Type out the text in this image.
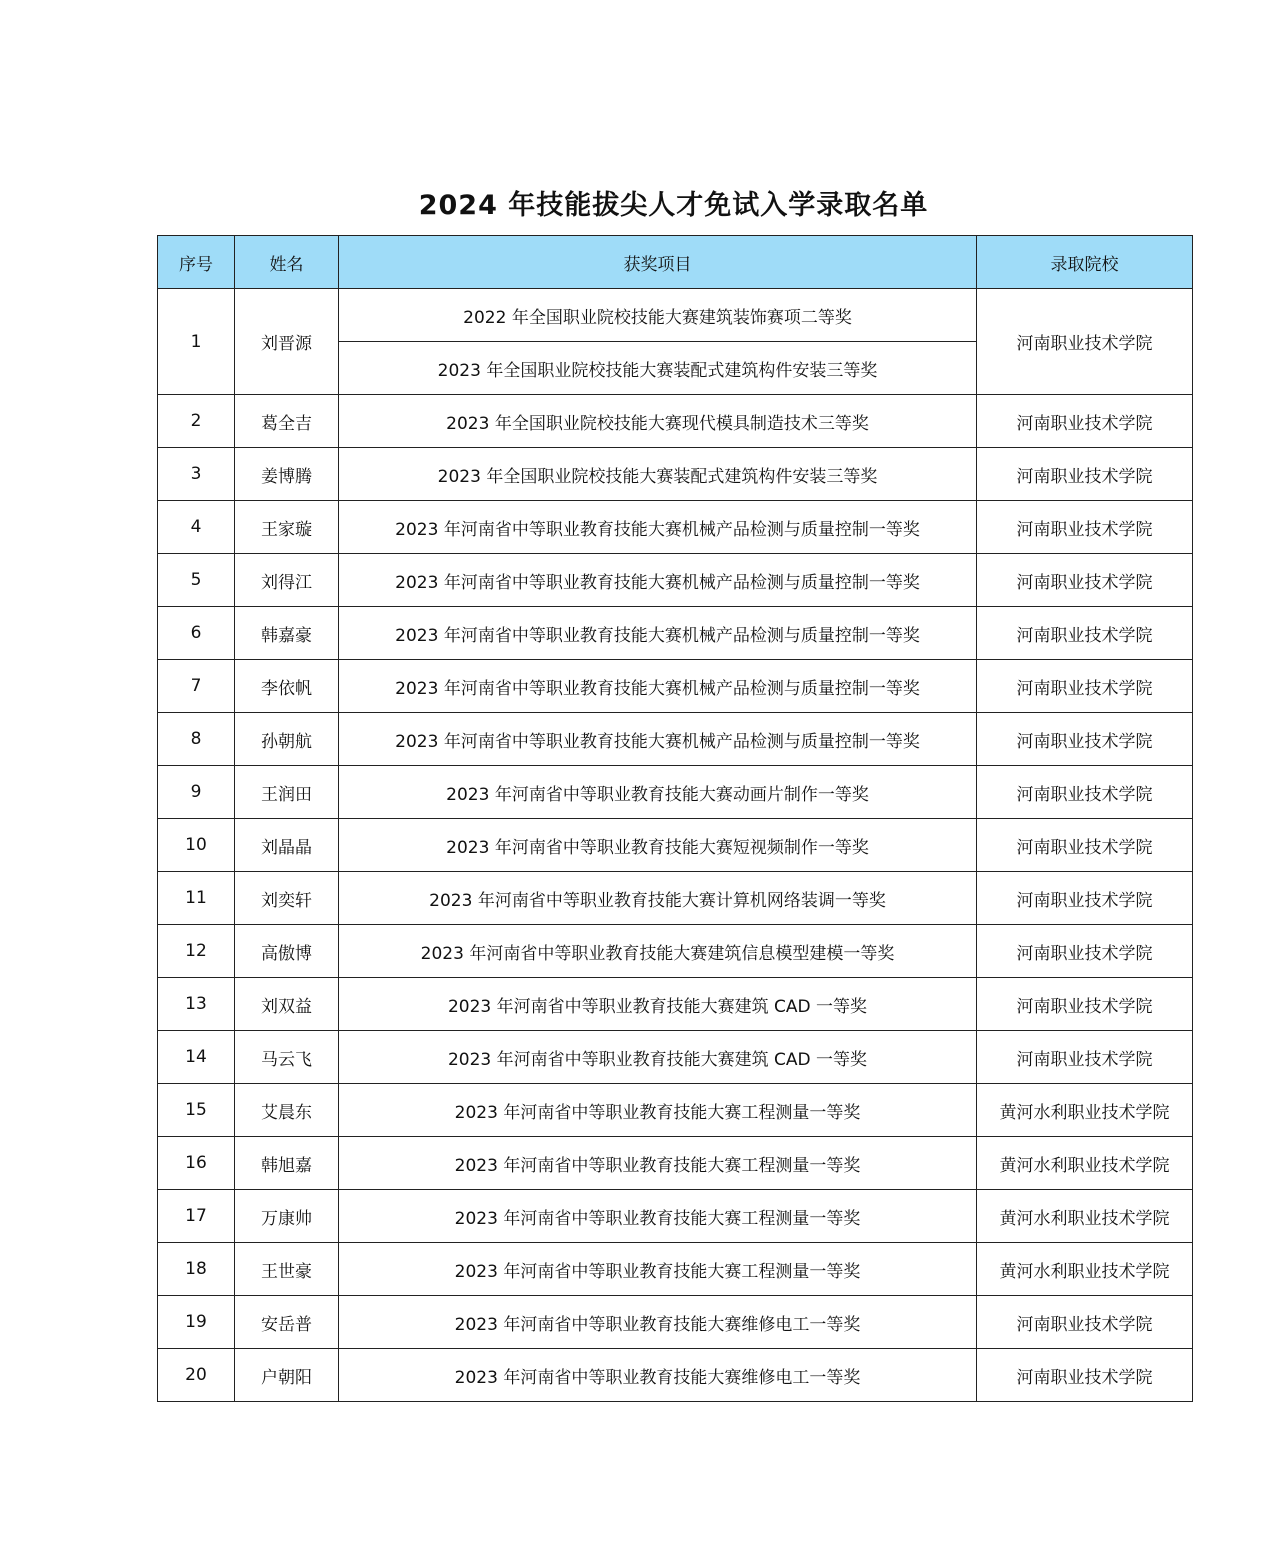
2024 年技能拔尖人才免试入学录取名单
序号	姓名	获奖项目	录取院校
1	刘晋源	2022 年全国职业院校技能大赛建筑装饰赛项二等奖	河南职业技术学院
		2023 年全国职业院校技能大赛装配式建筑构件安装三等奖	
2	葛全吉	2023 年全国职业院校技能大赛现代模具制造技术三等奖	河南职业技术学院
3	姜博腾	2023 年全国职业院校技能大赛装配式建筑构件安装三等奖	河南职业技术学院
4	王家璇	2023 年河南省中等职业教育技能大赛机械产品检测与质量控制一等奖	河南职业技术学院
5	刘得江	2023 年河南省中等职业教育技能大赛机械产品检测与质量控制一等奖	河南职业技术学院
6	韩嘉豪	2023 年河南省中等职业教育技能大赛机械产品检测与质量控制一等奖	河南职业技术学院
7	李依帆	2023 年河南省中等职业教育技能大赛机械产品检测与质量控制一等奖	河南职业技术学院
8	孙朝航	2023 年河南省中等职业教育技能大赛机械产品检测与质量控制一等奖	河南职业技术学院
9	王润田	2023 年河南省中等职业教育技能大赛动画片制作一等奖	河南职业技术学院
10	刘晶晶	2023 年河南省中等职业教育技能大赛短视频制作一等奖	河南职业技术学院
11	刘奕轩	2023 年河南省中等职业教育技能大赛计算机网络装调一等奖	河南职业技术学院
12	高傲博	2023 年河南省中等职业教育技能大赛建筑信息模型建模一等奖	河南职业技术学院
13	刘双益	2023 年河南省中等职业教育技能大赛建筑 CAD 一等奖	河南职业技术学院
14	马云飞	2023 年河南省中等职业教育技能大赛建筑 CAD 一等奖	河南职业技术学院
15	艾晨东	2023 年河南省中等职业教育技能大赛工程测量一等奖	黄河水利职业技术学院
16	韩旭嘉	2023 年河南省中等职业教育技能大赛工程测量一等奖	黄河水利职业技术学院
17	万康帅	2023 年河南省中等职业教育技能大赛工程测量一等奖	黄河水利职业技术学院
18	王世豪	2023 年河南省中等职业教育技能大赛工程测量一等奖	黄河水利职业技术学院
19	安岳普	2023 年河南省中等职业教育技能大赛维修电工一等奖	河南职业技术学院
20	户朝阳	2023 年河南省中等职业教育技能大赛维修电工一等奖	河南职业技术学院
